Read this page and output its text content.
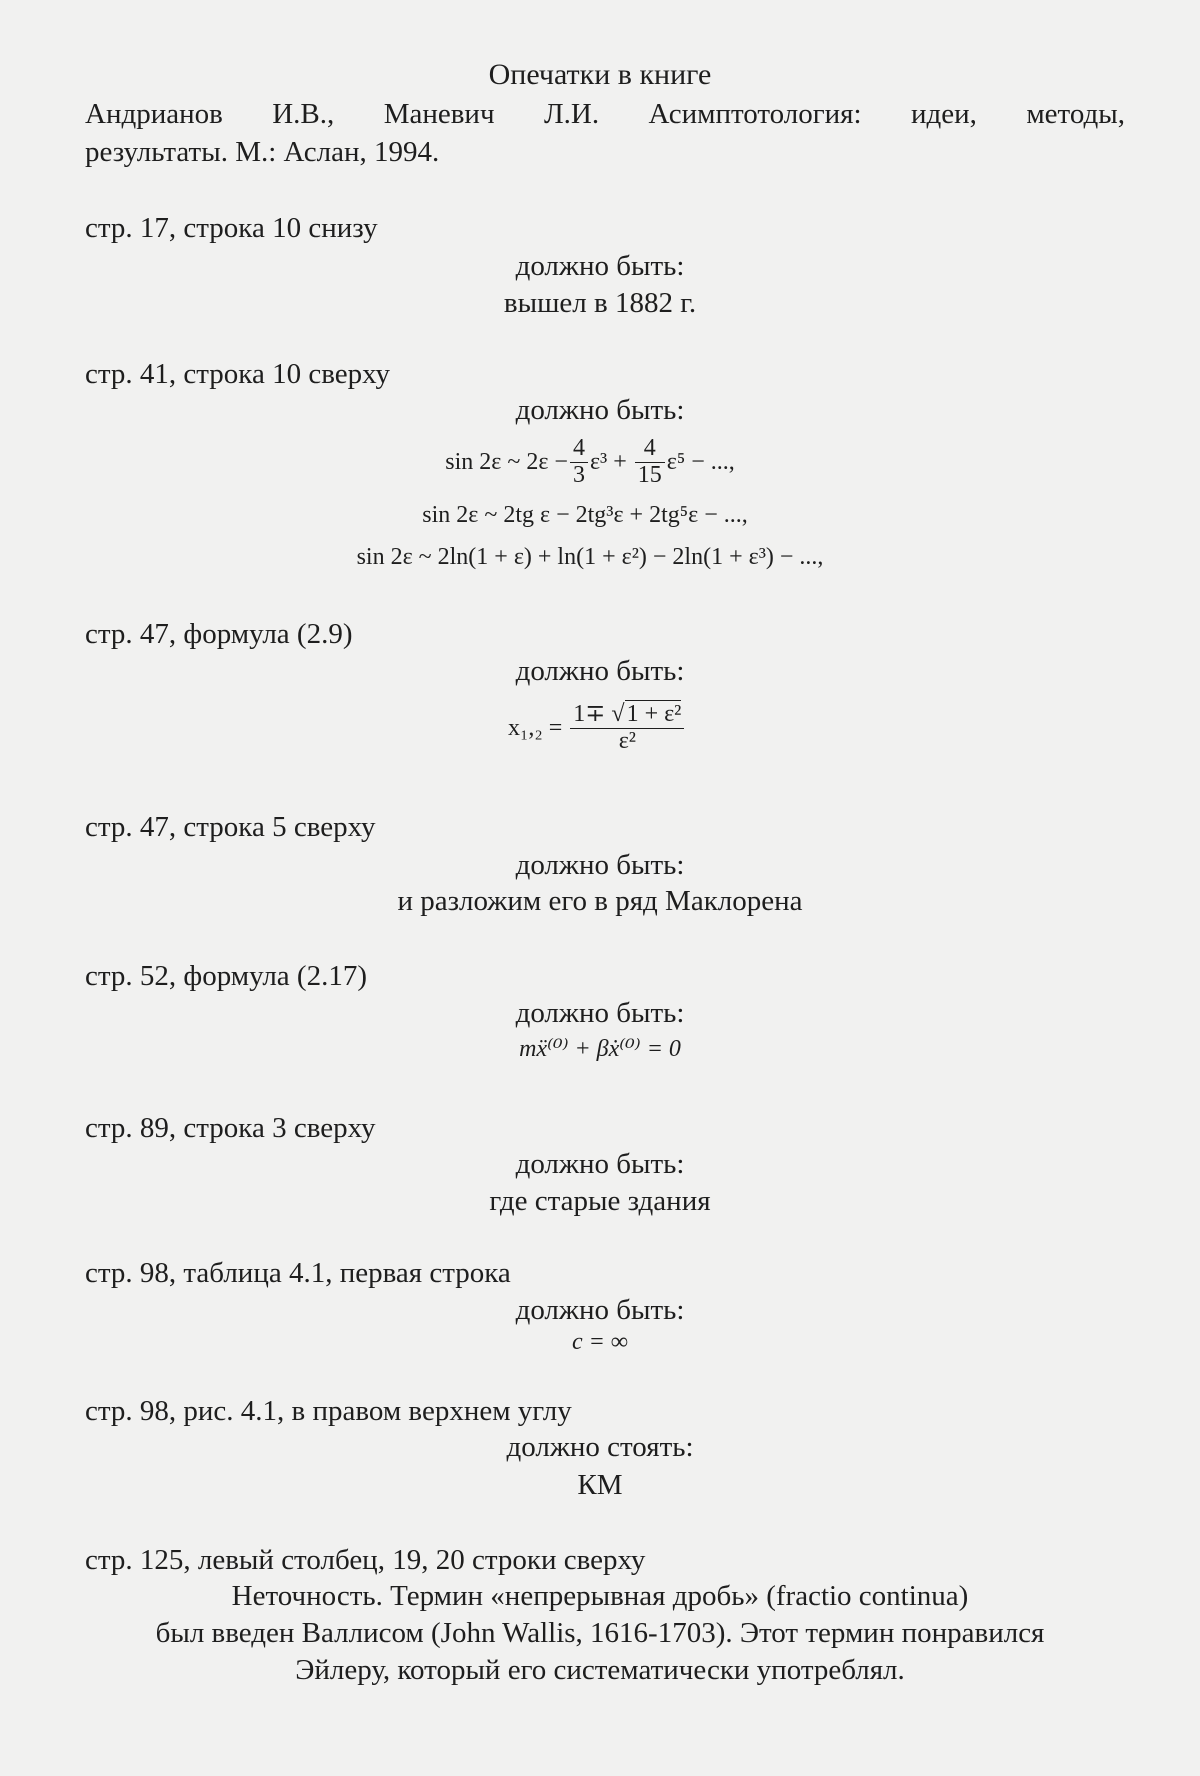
Опечатки в книге
Андрианов И.В., Маневич Л.И. Асимптотология: идеи, методы,
результаты. М.: Аслан, 1994.
стр. 17, строка 10 снизу
должно быть:
вышел в 1882 г.
стр. 41, строка 10 сверху
должно быть:
sin 2ε ~ $2\varepsilon - \frac{4}{3} \varepsilon^3$ +
$\frac{4}{15} \varepsilon^5$ − ...,
sin 2ε ~ 2tg ε − 2tg³ε + 2tg⁵ε − ...,
sin 2ε ~ 2ln(1 + ε) + ln(1 + ε²) − 2ln(1 + ε³) − ...,
стр. 47, формула (2.9)
должно быть:
x₁,₂ =
$\frac{\text{1∓ √1 + ε²}}{\text{ε²}}$
стр. 47, строка 5 сверху
должно быть:
и разложим его в ряд Маклорена
стр. 52, формула (2.17)
должно быть:
mẍ⁽⁰⁾ + βẋ⁽⁰⁾ = 0
стр. 89, строка 3 сверху
должно быть:
где старые здания
стр. 98, таблица 4.1, первая строка
должно быть:
c = ∞
стр. 98, рис. 4.1, в правом верхнем углу
должно стоять:
КМ
стр. 125, левый столбец, 19, 20 строки сверху
Неточность. Термин «непрерывная дробь» (fractio continua)
был введен Валлисом (John Wallis, 1616-1703). Этот термин понравился
Эйлеру, который его систематически употреблял.
